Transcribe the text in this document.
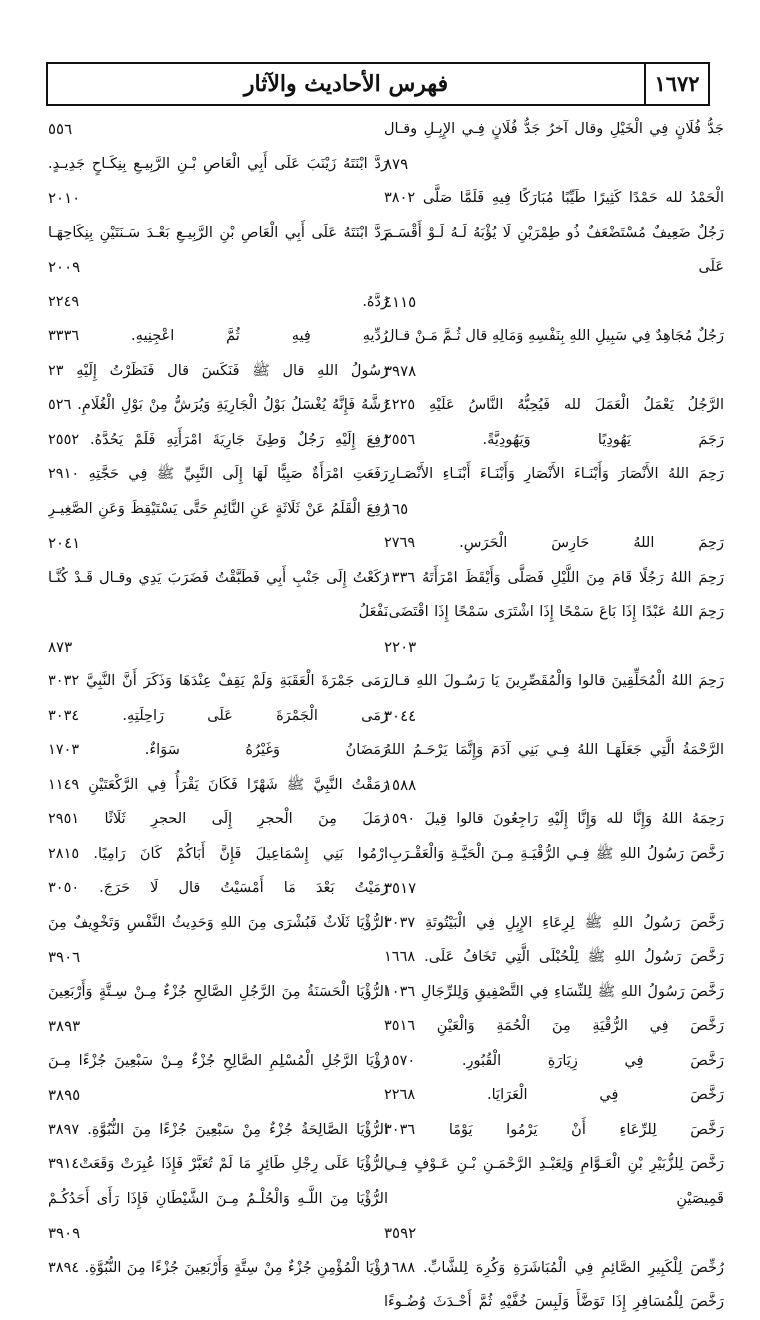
١٦٧٢
فهرس الأحاديث والآثار
جَدُّ فُلَانٍ فِي الْخَيْلِ وقال آخرُ جَدُّ فُلَانٍ فِـي الإِبِـلِ وقـال
٨٧٩
الْحَمْدُ لله حَمْدًا كَثِيرًا طَيِّبًا مُبَارَكًا فِيهِ فَلَمَّا صَلَّى ٣٨٠٢
رَجُلٌ ضَعِيفٌ مُسْتَضْعَفٌ ذُو طِمْرَيْنِ لَا يُؤْبَهُ لَـهُ لَـوْ أَقْسَـمَ
عَلَى
٤١١٥
رَجُلٌ مُجَاهِدٌ فِي سَبِيلِ اللهِ بِنَفْسِهِ وَمَالِهِ قال ثُـمَّ مَـنْ قـال
٣٩٧٨
الرَّجُلُ يَعْمَلُ الْعَمَلَ لله فَيُحِبُّهُ النَّاسُ عَلَيْهِ ٤٢٢٥
رَجَمَ يَهُودِيًا وَيَهُودِيَّةً. ٢٥٥٦
رَحِمَ اللهُ الأَنْصَارَ وَأَبْنَـاءَ الأَنْصَارِ وَأَبْنَـاءَ أَبْنَـاءِ الأَنْصَـارِ.
١٦٥
رَحِمَ اللهُ حَارِسَ الْحَرَسِ. ٢٧٦٩
رَحِمَ اللهُ رَجُلًا قَامَ مِنَ اللَّيْلِ فَصَلَّى وَأَيْقَظَ امْرَأَتَهُ ١٣٣٦
رَحِمَ اللهُ عَبْدًا إِذَا بَاعَ سَمْحًا إِذَا اشْتَرَى سَمْحًا إِذَا اقْتَضَى.
٢٢٠٣
رَحِمَ اللهُ الْمُحَلِّقِينَ قالوا وَالْمُقَصِّرِينَ يَا رَسُـولَ اللهِ قـال
٣٠٤٤
الرَّحْمَةُ الَّتِي جَعَلَهَـا اللهُ فِـي بَنِي آدَمَ وَإِنَّمَا يَرْحَـمُ اللهُ
١٥٨٨
رَحِمَهُ اللهُ وَإِنَّا لله وَإِنَّا إِلَيْهِ رَاجِعُونَ قالوا قِيلَ ١٥٩٠
رَخَّصَ رَسُولُ اللهِ ﷺ فِـي الرُّقْيَـةِ مِـنَ الْحَيَّـةِ وَالْعَقْـرَبِ.
٣٥١٧
رَخَّصَ رَسُولُ اللهِ ﷺ لِرِعَاءِ الإِبِلِ فِي الْبَيْتُوتَةِ ٣٠٣٧
رَخَّصَ رَسُولُ اللهِ ﷺ لِلْحُبْلَى الَّتِي تَخَافُ عَلَى. ١٦٦٨
رَخَّصَ رَسُولُ اللهِ ﷺ لِلنِّسَاءِ فِي التَّصْفِيقِ وَلِلرِّجَالِ ١٠٣٦
رَخَّصَ فِي الرُّقْيَةِ مِنَ الْحُمَةِ وَالْعَيْنِ ٣٥١٦
رَخَّصَ فِي زِيَارَةِ الْقُبُورِ. ١٥٧٠
رَخَّصَ فِي الْعَرَايَا. ٢٢٦٨
رَخَّصَ لِلرِّعَاءِ أَنْ يَرْمُوا يَوْمًا ٣٠٣٦
رَخَّصَ لِلزُّبَيْرِ بْنِ الْعَـوَّامِ وَلِعَبْـدِ الرَّحْمَـنِ بْـنِ عَـوْفٍ فِـي
قَمِيصَيْنِ
٣٥٩٢
رُخِّصَ لِلْكَبِيرِ الصَّائِمِ فِي الْمُبَاشَرَةِ وَكُرِهَ لِلشَّابِّ. ١٦٨٨
رَخَّصَ لِلْمُسَافِرِ إِذَا تَوَضَّأَ وَلَبِسَ خُفَّيْهِ ثُمَّ أَحْـدَثَ وُضُـوءًا
٥٥٦
رَدَّ ابْنَتَهُ زَيْنَبَ عَلَى أَبِي الْعَاصِ بْـنِ الرَّبِيـعِ بِنِكَـاحٍ جَدِيـدٍ.
٢٠١٠
رَدَّ ابْنَتَهُ عَلَى أَبِي الْعَاصِ بْنِ الرَّبِيـعِ بَعْـدَ سَـنَتَيْنِ بِنِكَاحِهَـا
٢٠٠٩
رُدَّهُ. ٢٢٤٩
رُدِّيهِ فِيهِ ثُمَّ اعْجِنِيهِ. ٣٣٣٦
رَسُولُ اللهِ قال ﷺ فَنَكَسَ قال فَنَظَرْتُ إِلَيْهِ ٢٣
رُشَّهُ فَإِنَّهُ يُغْسَلُ بَوْلُ الْجَارِيَةِ وَيُرَشُّ مِنْ بَوْلِ الْغُلَامِ. ٥٢٦
رُفِعَ إِلَيْهِ رَجُلٌ وَطِئَ جَارِيَةَ امْرَأَتِهِ فَلَمْ يَحُدَّهُ. ٢٥٥٢
رَفَعَتِ امْرَأَةٌ صَبِيًّا لَهَا إِلَى النَّبِيِّ ﷺ فِي حَجَّتِهِ ٢٩١٠
رُفِعَ الْقَلَمُ عَنْ ثَلَاثَةٍ عَنِ النَّائِمِ حَتَّى يَسْتَيْقِظَ وَعَنِ الصَّغِيـرِ
٢٠٤١
رَكَعْتُ إِلَى جَنْبِ أَبِي فَطَبَّقْتُ فَضَرَبَ يَدِي وقـال قَـدْ كُنَّـا
نَفْعَلُ
٨٧٣
رَمَى جَمْرَةَ الْعَقَبَةِ وَلَمْ يَقِفْ عِنْدَهَا وَذَكَرَ أَنَّ النَّبِيَّ ٣٠٣٢
رَمَى الْجَمْرَةَ عَلَى رَاحِلَتِهِ. ٣٠٣٤
رَمَضَانُ وَغَيْرُهُ سَوَاءٌ. ١٧٠٣
رَمَقْتُ النَّبِيَّ ﷺ شَهْرًا فَكَانَ يَقْرَأُ فِي الرَّكْعَتَيْنِ ١١٤٩
رَمَلَ مِنَ الْحجرِ إِلَى الحجرِ ثَلَاثًا ٢٩٥١
ارْمُوا بَنِي إِسْمَاعِيلَ فَإِنَّ أَبَاكُمْ كَانَ رَامِيًا. ٢٨١٥
رَمَيْتُ بَعْدَ مَا أَمْسَيْتُ قال لَا حَرَجَ. ٣٠٥٠
الرُّؤْيَا ثَلَاثٌ فَبُشْرَى مِنَ اللهِ وَحَدِيثُ النَّفْسِ وَتَخْوِيفٌ مِنَ
٣٩٠٦
الرُّؤْيَا الْحَسَنَةُ مِنَ الرَّجُلِ الصَّالِحِ جُزْءٌ مِـنْ سِـتَّةٍ وَأَرْبَعِينَ
٣٨٩٣
رُؤْيَا الرَّجُلِ الْمُسْلِمِ الصَّالِحِ جُزْءٌ مِـنْ سَبْعِينَ جُزْءًا مِـنَ
٣٨٩٥
الرُّؤْيَا الصَّالِحَةُ جُزْءٌ مِنْ سَبْعِينَ جُزْءًا مِنَ النُّبُوَّةِ. ٣٨٩٧
الرُّؤْيَا عَلَى رِجْلِ طَائِرٍ مَا لَمْ تُعَبَّرْ فَإِذَا عُبِرَتْ وَقَعَتْ٣٩١٤
الرُّؤْيَا مِنَ اللَّـهِ وَالْحُلْـمُ مِـنَ الشَّيْطَانِ فَإِذَا رَأَى أَحَدُكُـمْ
٣٩٠٩
رُؤْيَا الْمُؤْمِنِ جُزْءٌ مِنْ سِتَّةٍ وَأَرْبَعِينَ جُزْءًا مِنَ النُّبُوَّةِ. ٣٨٩٤
